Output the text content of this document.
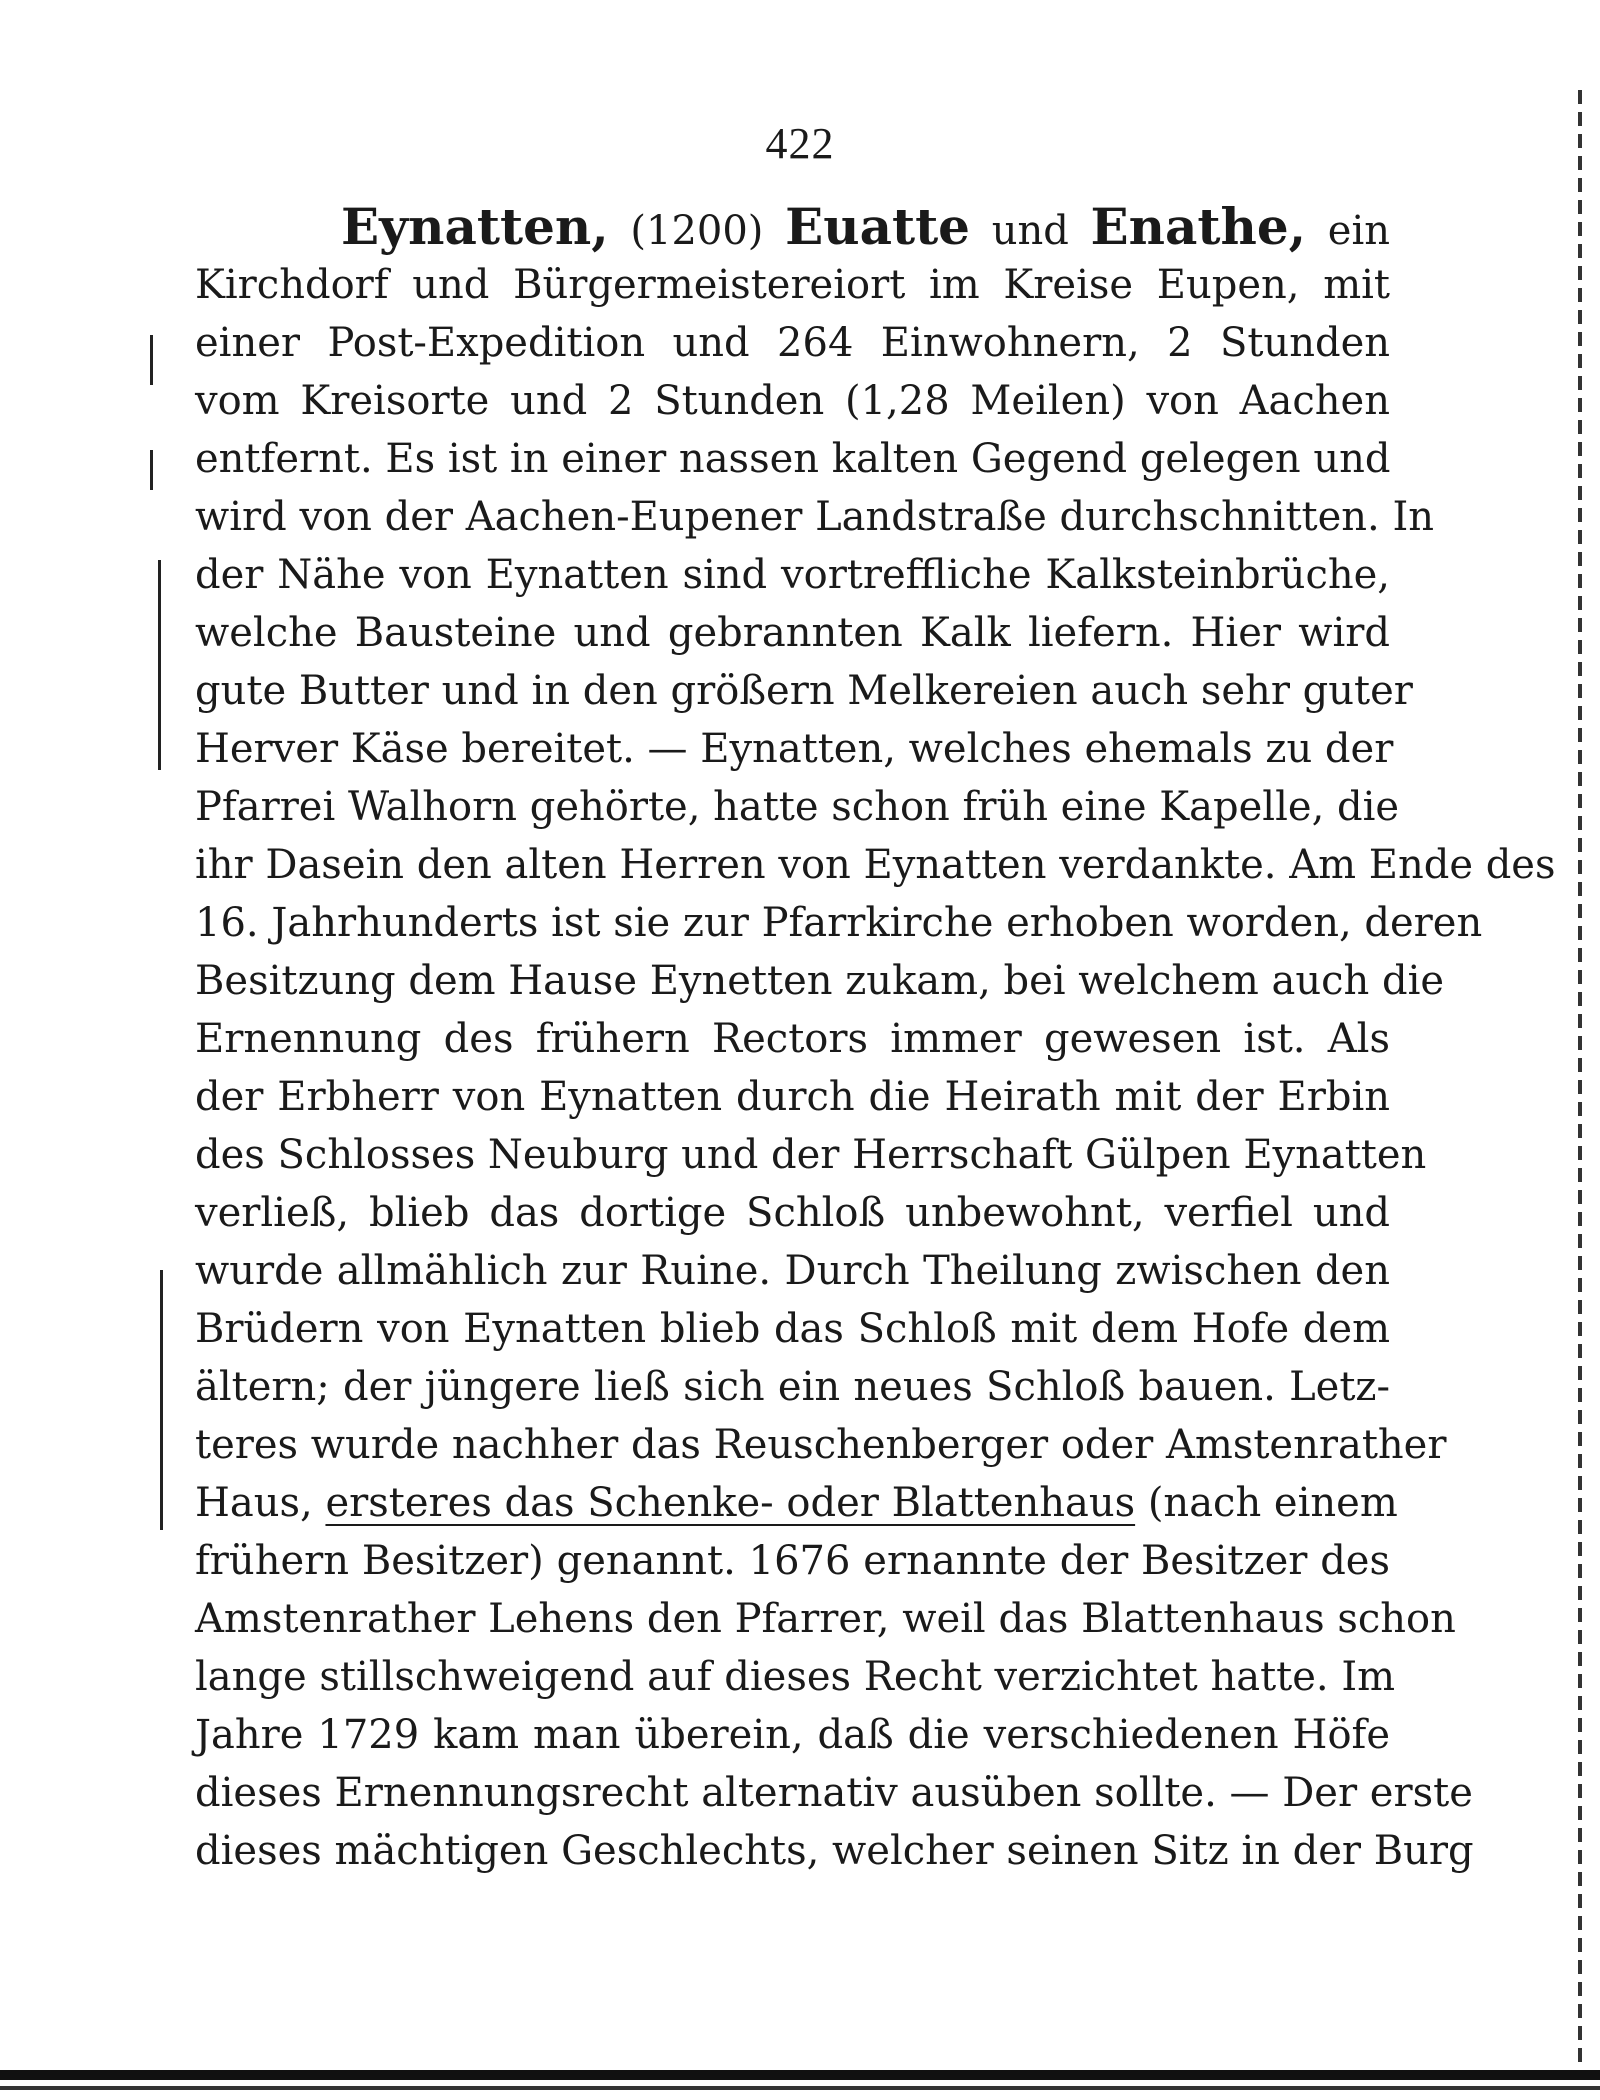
422
Eynatten, (1200) Euatte und Enathe, ein
Kirchdorf und Bürgermeistereiort im Kreise Eupen, mit
einer Post-Expedition und 264 Einwohnern, 2 Stunden
vom Kreisorte und 2 Stunden (1,28 Meilen) von Aachen
entfernt. Es ist in einer nassen kalten Gegend gelegen und
wird von der Aachen-Eupener Landstraße durchschnitten. In
der Nähe von Eynatten sind vortreffliche Kalksteinbrüche,
welche Bausteine und gebrannten Kalk liefern. Hier wird
gute Butter und in den größern Melkereien auch sehr guter
Herver Käse bereitet. — Eynatten, welches ehemals zu der
Pfarrei Walhorn gehörte, hatte schon früh eine Kapelle, die
ihr Dasein den alten Herren von Eynatten verdankte. Am Ende des
16. Jahrhunderts ist sie zur Pfarrkirche erhoben worden, deren
Besitzung dem Hause Eynetten zukam, bei welchem auch die
Ernennung des frühern Rectors immer gewesen ist. Als
der Erbherr von Eynatten durch die Heirath mit der Erbin
des Schlosses Neuburg und der Herrschaft Gülpen Eynatten
verließ, blieb das dortige Schloß unbewohnt, verfiel und
wurde allmählich zur Ruine. Durch Theilung zwischen den
Brüdern von Eynatten blieb das Schloß mit dem Hofe dem
ältern; der jüngere ließ sich ein neues Schloß bauen. Letz-
teres wurde nachher das Reuschenberger oder Amstenrather
Haus, ersteres das Schenke- oder Blattenhaus (nach einem
frühern Besitzer) genannt. 1676 ernannte der Besitzer des
Amstenrather Lehens den Pfarrer, weil das Blattenhaus schon
lange stillschweigend auf dieses Recht verzichtet hatte. Im
Jahre 1729 kam man überein, daß die verschiedenen Höfe
dieses Ernennungsrecht alternativ ausüben sollte. — Der erste
dieses mächtigen Geschlechts, welcher seinen Sitz in der Burg
